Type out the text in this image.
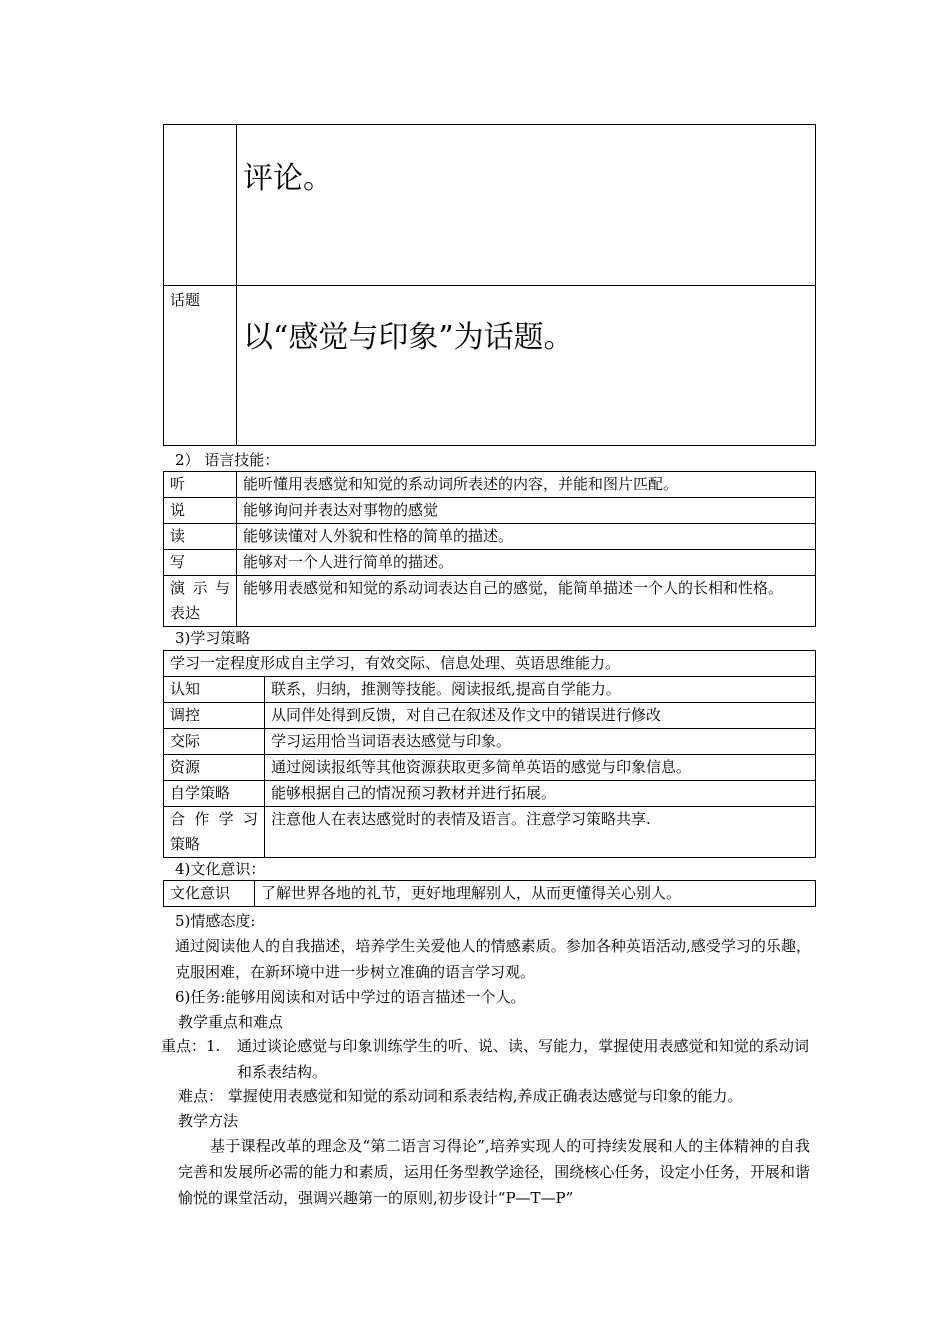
	评论。

话题	以“感觉与印象”为话题。
2） 语言技能：
听	能听懂用表感觉和知觉的系动词所表述的内容，并能和图片匹配。
说	能够询问并表达对事物的感觉
读	能够读懂对人外貌和性格的简单的描述。
写	能够对一个人进行简单的描述。
演 示 与表达	能够用表感觉和知觉的系动词表达自己的感觉，能简单描述一个人的长相和性格。
3)学习策略
学习一定程度形成自主学习，有效交际、信息处理、英语思维能力。	
认知	联系，归纳，推测等技能。阅读报纸,提高自学能力。
调控	从同伴处得到反馈，对自己在叙述及作文中的错误进行修改
交际	学习运用恰当词语表达感觉与印象。
资源	通过阅读报纸等其他资源获取更多简单英语的感觉与印象信息。
自学策略	能够根据自己的情况预习教材并进行拓展。
合 作 学 习策略	注意他人在表达感觉时的表情及语言。注意学习策略共享.
4)文化意识：
文化意识	了解世界各地的礼节，更好地理解别人，从而更懂得关心别人。
5)情感态度:
通过阅读他人的自我描述，培养学生关爱他人的情感素质。参加各种英语活动,感受学习的乐趣，克服困难，在新环境中进一步树立准确的语言学习观。
6)任务:能够用阅读和对话中学过的语言描述一个人。
教学重点和难点
重点：1. 通过谈论感觉与印象训练学生的听、说、读、写能力，掌握使用表感觉和知觉的系动词和系表结构。
难点： 掌握使用表感觉和知觉的系动词和系表结构,养成正确表达感觉与印象的能力。
教学方法
基于课程改革的理念及“第二语言习得论”,培养实现人的可持续发展和人的主体精神的自我完善和发展所必需的能力和素质，运用任务型教学途径，围绕核心任务，设定小任务，开展和谐愉悦的课堂活动，强调兴趣第一的原则,初步设计“P—T—P”
